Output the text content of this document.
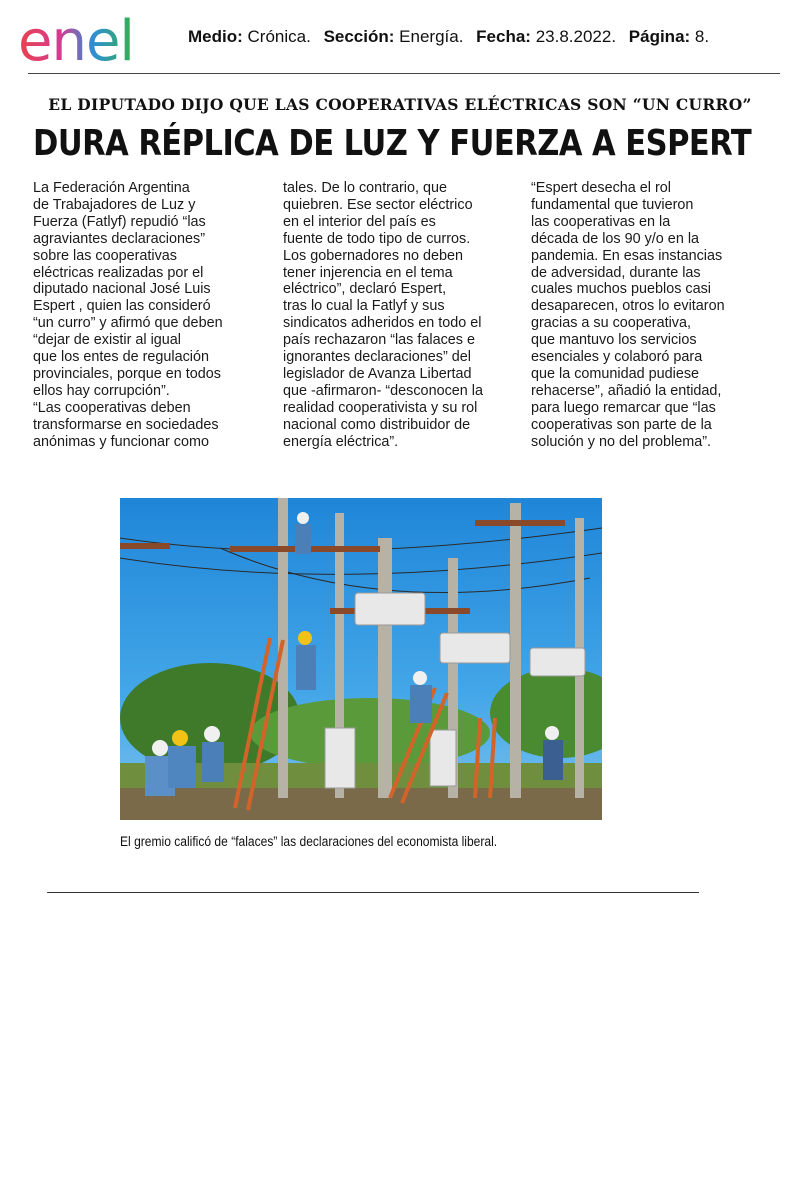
enel	Medio: Crónica. Sección: Energía. Fecha: 23.8.2022. Página: 8.
EL DIPUTADO DIJO QUE LAS COOPERATIVAS ELÉCTRICAS SON “UN CURRO”
DURA RÉPLICA DE LUZ Y FUERZA A ESPERT
La Federación Argentina
de Trabajadores de Luz y
Fuerza (Fatlyf) repudió “las
agraviantes declaraciones”
sobre las cooperativas
eléctricas realizadas por el
diputado nacional José Luis
Espert , quien las consideró
“un curro” y afirmó que deben
“dejar de existir al igual
que los entes de regulación
provinciales, porque en todos
ellos hay corrupción”.
“Las cooperativas deben
transformarse en sociedades
anónimas y funcionar como
tales. De lo contrario, que
quiebren. Ese sector eléctrico
en el interior del país es
fuente de todo tipo de curros.
Los gobernadores no deben
tener injerencia en el tema
eléctrico”, declaró Espert,
tras lo cual la Fatlyf y sus
sindicatos adheridos en todo el
país rechazaron “las falaces e
ignorantes declaraciones” del
legislador de Avanza Libertad
que -afirmaron- “desconocen la
realidad cooperativista y su rol
nacional como distribuidor de
energía eléctrica”.
“Espert desecha el rol
fundamental que tuvieron
las cooperativas en la
década de los 90 y/o en la
pandemia. En esas instancias
de adversidad, durante las
cuales muchos pueblos casi
desaparecen, otros lo evitaron
gracias a su cooperativa,
que mantuvo los servicios
esenciales y colaboró para
que la comunidad pudiese
rehacerse”, añadió la entidad,
para luego remarcar que “las
cooperativas son parte de la
solución y no del problema”.
El gremio calificó de “falaces” las declaraciones del economista liberal.
